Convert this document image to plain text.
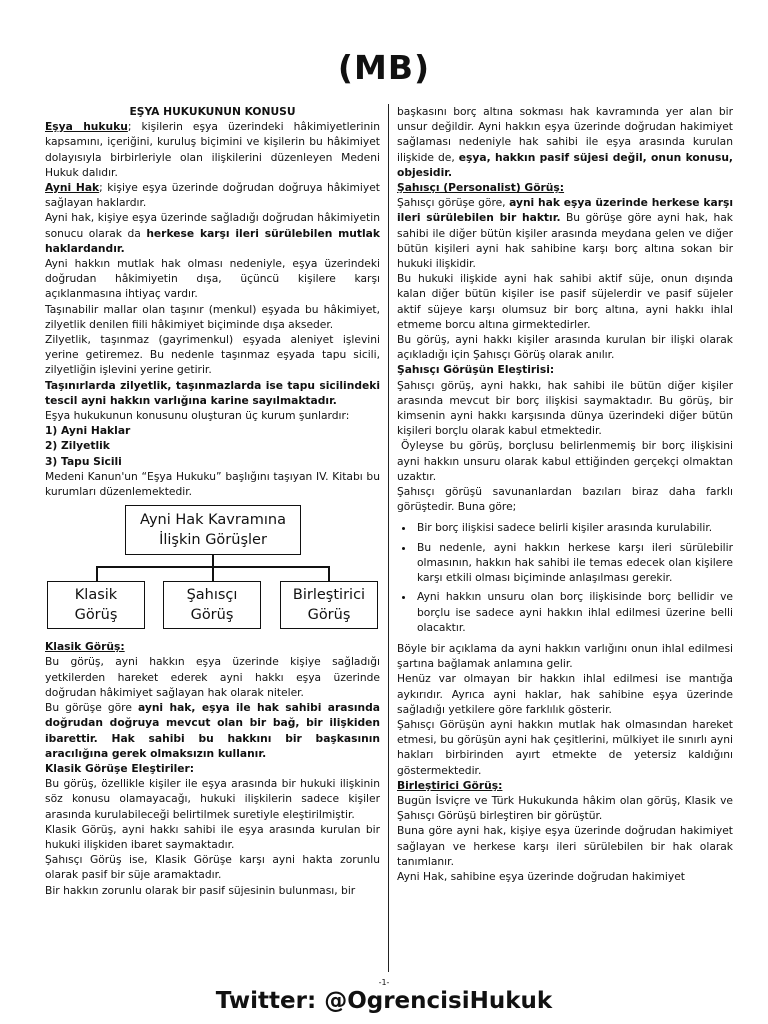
(MB)

EŞYA HUKUKUNUN KONUSU

Eşya hukuku; kişilerin eşya üzerindeki hâkimiyetlerinin kapsamını, içeriğini, kuruluş biçimini ve kişilerin bu hâkimiyet dolayısıyla birbirleriyle olan ilişkilerini düzenleyen Medeni Hukuk dalıdır.

Ayni Hak; kişiye eşya üzerinde doğrudan doğruya hâkimiyet sağlayan haklardır.

Ayni hak, kişiye eşya üzerinde sağladığı doğrudan hâkimiyetin sonucu olarak da herkese karşı ileri sürülebilen mutlak haklardandır.

Ayni hakkın mutlak hak olması nedeniyle, eşya üzerindeki doğrudan hâkimiyetin dışa, üçüncü kişilere karşı açıklanmasına ihtiyaç vardır.

Taşınabilir mallar olan taşınır (menkul) eşyada bu hâkimiyet, zilyetlik denilen fiili hâkimiyet biçiminde dışa akseder.

Zilyetlik, taşınmaz (gayrimenkul) eşyada aleniyet işlevini yerine getiremez. Bu nedenle taşınmaz eşyada tapu sicili, zilyetliğin işlevini yerine getirir.

Taşınırlarda zilyetlik, taşınmazlarda ise tapu sicilindeki tescil ayni hakkın varlığına karine sayılmaktadır.

Eşya hukukunun konusunu oluşturan üç kurum şunlardır:

1) Ayni Haklar

2) Zilyetlik

3) Tapu Sicili

Medeni Kanun'un “Eşya Hukuku” başlığını taşıyan IV. Kitabı bu kurumları düzenlemektedir.

Ayni Hak Kavramına
İlişkin Görüşler
Klasik
Görüş
Şahısçı
Görüş
Birleştirici
Görüş

Klasik Görüş:

Bu görüş, ayni hakkın eşya üzerinde kişiye sağladığı yetkilerden hareket ederek ayni hakkı eşya üzerinde doğrudan hâkimiyet sağlayan hak olarak niteler.

Bu görüşe göre ayni hak, eşya ile hak sahibi arasında doğrudan doğruya mevcut olan bir bağ, bir ilişkiden ibarettir. Hak sahibi bu hakkını bir başkasının aracılığına gerek olmaksızın kullanır.

Klasik Görüşe Eleştiriler:

Bu görüş, özellikle kişiler ile eşya arasında bir hukuki ilişkinin söz konusu olamayacağı, hukuki ilişkilerin sadece kişiler arasında kurulabileceği belirtilmek suretiyle eleştirilmiştir.

Klasik Görüş, ayni hakkı sahibi ile eşya arasında kurulan bir hukuki ilişkiden ibaret saymaktadır.

Şahısçı Görüş ise, Klasik Görüşe karşı ayni hakta zorunlu olarak pasif bir süje aramaktadır.

Bir hakkın zorunlu olarak bir pasif süjesinin bulunması, bir

başkasını borç altına sokması hak kavramında yer alan bir unsur değildir. Ayni hakkın eşya üzerinde doğrudan hakimiyet sağlaması nedeniyle hak sahibi ile eşya arasında kurulan ilişkide de, eşya, hakkın pasif süjesi değil, onun konusu, objesidir.

Şahısçı (Personalist) Görüş:

Şahısçı görüşe göre, ayni hak eşya üzerinde herkese karşı ileri sürülebilen bir haktır. Bu görüşe göre ayni hak, hak sahibi ile diğer bütün kişiler arasında meydana gelen ve diğer bütün kişileri ayni hak sahibine karşı borç altına sokan bir hukuki ilişkidir.

Bu hukuki ilişkide ayni hak sahibi aktif süje, onun dışında kalan diğer bütün kişiler ise pasif süjelerdir ve pasif süjeler aktif süjeye karşı olumsuz bir borç altına, ayni hakkı ihlal etmeme borcu altına girmektedirler.

Bu görüş, ayni hakkı kişiler arasında kurulan bir ilişki olarak açıkladığı için Şahısçı Görüş olarak anılır.

Şahısçı Görüşün Eleştirisi:

Şahısçı görüş, ayni hakkı, hak sahibi ile bütün diğer kişiler arasında mevcut bir borç ilişkisi saymaktadır. Bu görüş, bir kimsenin ayni hakkı karşısında dünya üzerindeki diğer bütün kişileri borçlu olarak kabul etmektedir.

Öyleyse bu görüş, borçlusu belirlenmemiş bir borç ilişkisini ayni hakkın unsuru olarak kabul ettiğinden gerçekçi olmaktan uzaktır.

Şahısçı görüşü savunanlardan bazıları biraz daha farklı görüştedir. Buna göre;

• Bir borç ilişkisi sadece belirli kişiler arasında kurulabilir.
• Bu nedenle, ayni hakkın herkese karşı ileri sürülebilir olmasının, hakkın hak sahibi ile temas edecek olan kişilere karşı etkili olması biçiminde anlaşılması gerekir.
• Ayni hakkın unsuru olan borç ilişkisinde borç bellidir ve borçlu ise sadece ayni hakkın ihlal edilmesi üzerine belli olacaktır.

Böyle bir açıklama da ayni hakkın varlığını onun ihlal edilmesi şartına bağlamak anlamına gelir.

Henüz var olmayan bir hakkın ihlal edilmesi ise mantığa aykırıdır. Ayrıca ayni haklar, hak sahibine eşya üzerinde sağladığı yetkilere göre farklılık gösterir.

Şahısçı Görüşün ayni hakkın mutlak hak olmasından hareket etmesi, bu görüşün ayni hak çeşitlerini, mülkiyet ile sınırlı ayni hakları birbirinden ayırt etmekte de yetersiz kaldığını göstermektedir.

Birleştirici Görüş:

Bugün İsviçre ve Türk Hukukunda hâkim olan görüş, Klasik ve Şahısçı Görüşü birleştiren bir görüştür.

Buna göre ayni hak, kişiye eşya üzerinde doğrudan hakimiyet sağlayan ve herkese karşı ileri sürülebilen bir hak olarak tanımlanır.

Ayni Hak, sahibine eşya üzerinde doğrudan hakimiyet

-1-
Twitter: @OgrencisiHukuk
